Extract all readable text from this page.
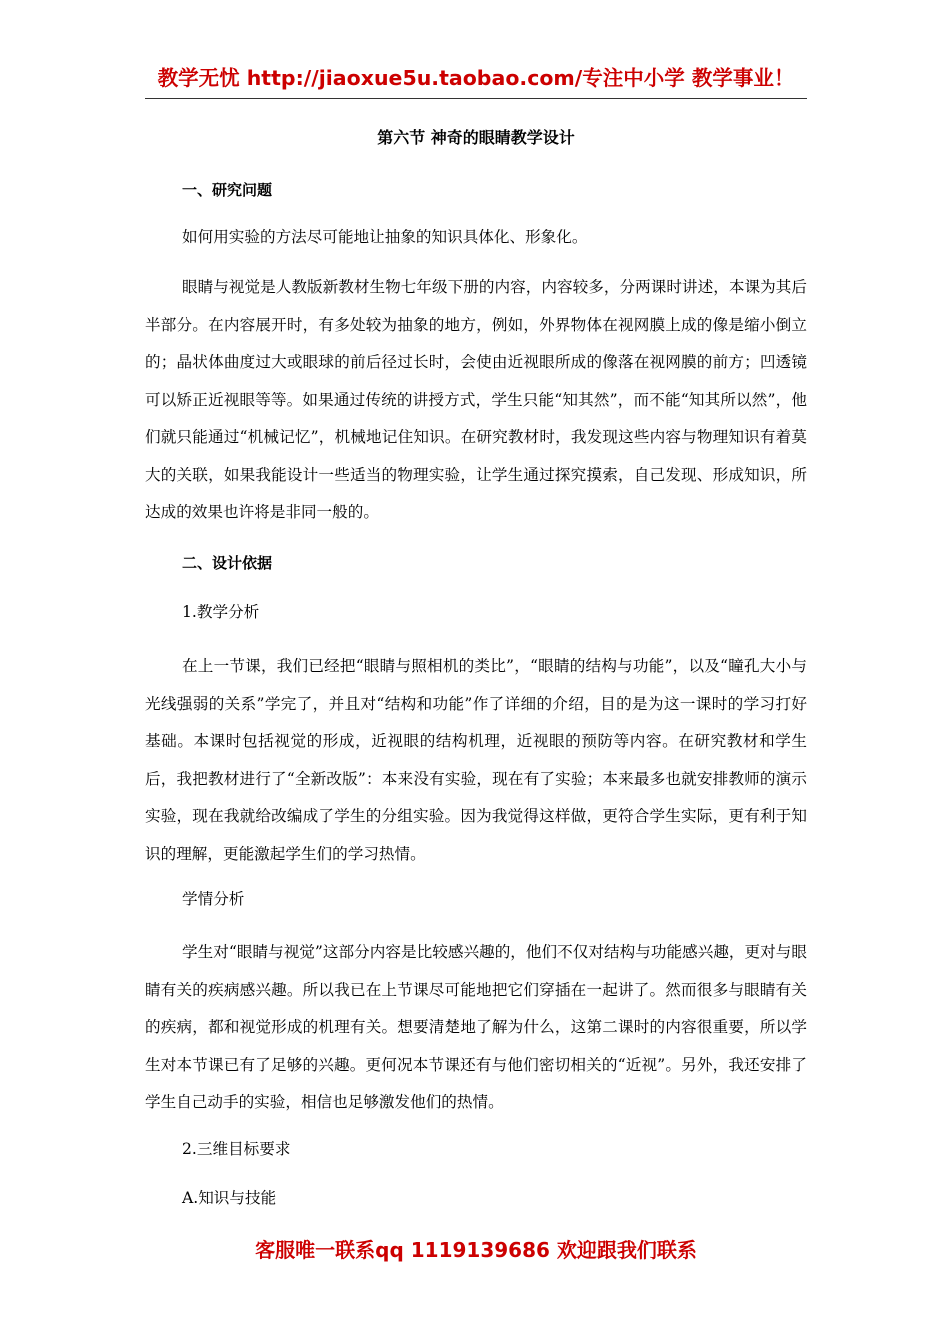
教学无忧 http://jiaoxue5u.taobao.com/专注中小学 教学事业！
第六节 神奇的眼睛教学设计
一、研究问题
如何用实验的方法尽可能地让抽象的知识具体化、形象化。
眼睛与视觉是人教版新教材生物七年级下册的内容，内容较多，分两课时讲述，本课为其后半部分。在内容展开时，有多处较为抽象的地方，例如，外界物体在视网膜上成的像是缩小倒立的；晶状体曲度过大或眼球的前后径过长时，会使由近视眼所成的像落在视网膜的前方；凹透镜可以矫正近视眼等等。如果通过传统的讲授方式，学生只能“知其然”，而不能“知其所以然”，他们就只能通过“机械记忆”，机械地记住知识。在研究教材时，我发现这些内容与物理知识有着莫大的关联，如果我能设计一些适当的物理实验，让学生通过探究摸索，自己发现、形成知识，所达成的效果也许将是非同一般的。
二、设计依据
1.教学分析
在上一节课，我们已经把“眼睛与照相机的类比”，“眼睛的结构与功能”，以及“瞳孔大小与光线强弱的关系”学完了，并且对“结构和功能”作了详细的介绍，目的是为这一课时的学习打好基础。本课时包括视觉的形成，近视眼的结构机理，近视眼的预防等内容。在研究教材和学生后，我把教材进行了“全新改版”：本来没有实验，现在有了实验；本来最多也就安排教师的演示实验，现在我就给改编成了学生的分组实验。因为我觉得这样做，更符合学生实际，更有利于知识的理解，更能激起学生们的学习热情。
学情分析
学生对“眼睛与视觉”这部分内容是比较感兴趣的，他们不仅对结构与功能感兴趣，更对与眼睛有关的疾病感兴趣。所以我已在上节课尽可能地把它们穿插在一起讲了。然而很多与眼睛有关的疾病，都和视觉形成的机理有关。想要清楚地了解为什么，这第二课时的内容很重要，所以学生对本节课已有了足够的兴趣。更何况本节课还有与他们密切相关的“近视”。另外，我还安排了学生自己动手的实验，相信也足够激发他们的热情。
2.三维目标要求
A.知识与技能
客服唯一联系qq 1119139686 欢迎跟我们联系
